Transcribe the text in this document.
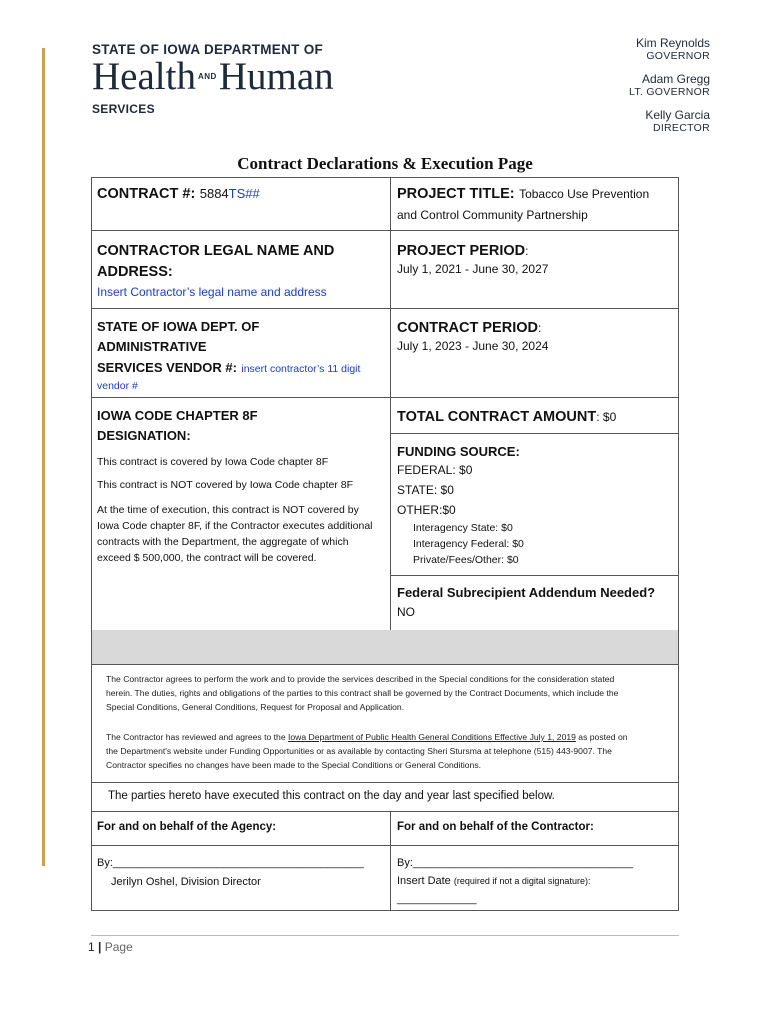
STATE OF IOWA DEPARTMENT OF
Health ANDHuman
SERVICES
Kim Reynolds
GOVERNOR
Adam Gregg
LT. GOVERNOR
Kelly Garcia
DIRECTOR
Contract Declarations & Execution Page
CONTRACT #: 5884TS##	PROJECT TITLE: Tobacco Use Prevention
and Control Community Partnership
CONTRACTOR LEGAL NAME AND
ADDRESS:
Insert Contractor’s legal name and address
PROJECT PERIOD:
July 1, 2021 - June 30, 2027
STATE OF IOWA DEPT. OF
ADMINISTRATIVE
SERVICES VENDOR #: insert contractor’s 11 digit
vendor #
CONTRACT PERIOD:
July 1, 2023 - June 30, 2024
IOWA CODE CHAPTER 8F
DESIGNATION:
This contract is covered by Iowa Code chapter 8F
This contract is NOT covered by Iowa Code chapter 8F
At the time of execution, this contract is NOT covered by
Iowa Code chapter 8F, if the Contractor executes additional
contracts with the Department, the aggregate of which
exceed $ 500,000, the contract will be covered.
TOTAL CONTRACT AMOUNT: $0
FUNDING SOURCE:
FEDERAL: $0
STATE: $0
OTHER:$0
Interagency State: $0
Interagency Federal: $0
Private/Fees/Other: $0
Federal Subrecipient Addendum Needed?
NO
The Contractor agrees to perform the work and to provide the services described in the Special conditions for the consideration stated
herein. The duties, rights and obligations of the parties to this contract shall be governed by the Contract Documents, which include the
Special Conditions, General Conditions, Request for Proposal and Application.
The Contractor has reviewed and agrees to the Iowa Department of Public Health General Conditions Effective July 1, 2019 as posted on
the Department's website under Funding Opportunities or as available by contacting Sheri Stursma at telephone (515) 443-9007. The
Contractor specifies no changes have been made to the Special Conditions or General Conditions.
The parties hereto have executed this contract on the day and year last specified below.
For and on behalf of the Agency:	For and on behalf of the Contractor:
By:_________________________________________
Jerilyn Oshel, Division Director
By:____________________________________
Insert Date (required if not a digital signature):
_____________
1 | Page
